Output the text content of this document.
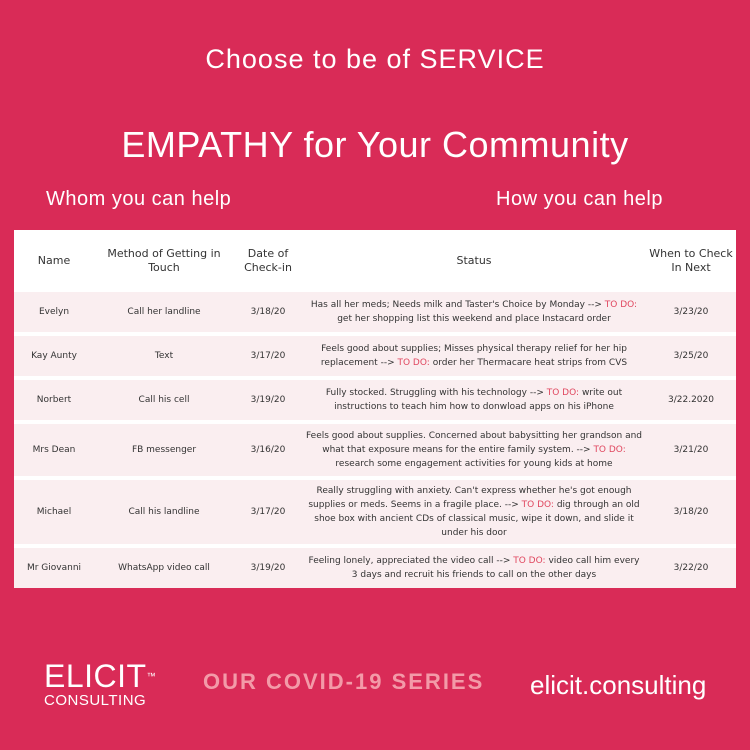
Choose to be of SERVICE
EMPATHY for Your Community
Whom you can help	How you can help
Name	Method of Getting in Touch	Date of Check-in	Status	When to Check In Next
Evelyn	Call her landline	3/18/20	Has all her meds; Needs milk and Taster's Choice by Monday --> TO DO: get her shopping list this weekend and place Instacard order	3/23/20
Kay Aunty	Text	3/17/20	Feels good about supplies; Misses physical therapy relief for her hip replacement --> TO DO: order her Thermacare heat strips from CVS	3/25/20
Norbert	Call his cell	3/19/20	Fully stocked. Struggling with his technology --> TO DO: write out instructions to teach him how to donwload apps on his iPhone	3/22.2020
Mrs Dean	FB messenger	3/16/20	Feels good about supplies. Concerned about babysitting her grandson and what that exposure means for the entire family system. --> TO DO: research some engagement activities for young kids at home	3/21/20
Michael	Call his landline	3/17/20	Really struggling with anxiety. Can't express whether he's got enough supplies or meds. Seems in a fragile place. --> TO DO: dig through an old shoe box with ancient CDs of classical music, wipe it down, and slide it under his door	3/18/20
Mr Giovanni	WhatsApp video call	3/19/20	Feeling lonely, appreciated the video call --> TO DO: video call him every 3 days and recruit his friends to call on the other days	3/22/20
ELICIT™
CONSULTING
OUR COVID-19 SERIES elicit.consulting
